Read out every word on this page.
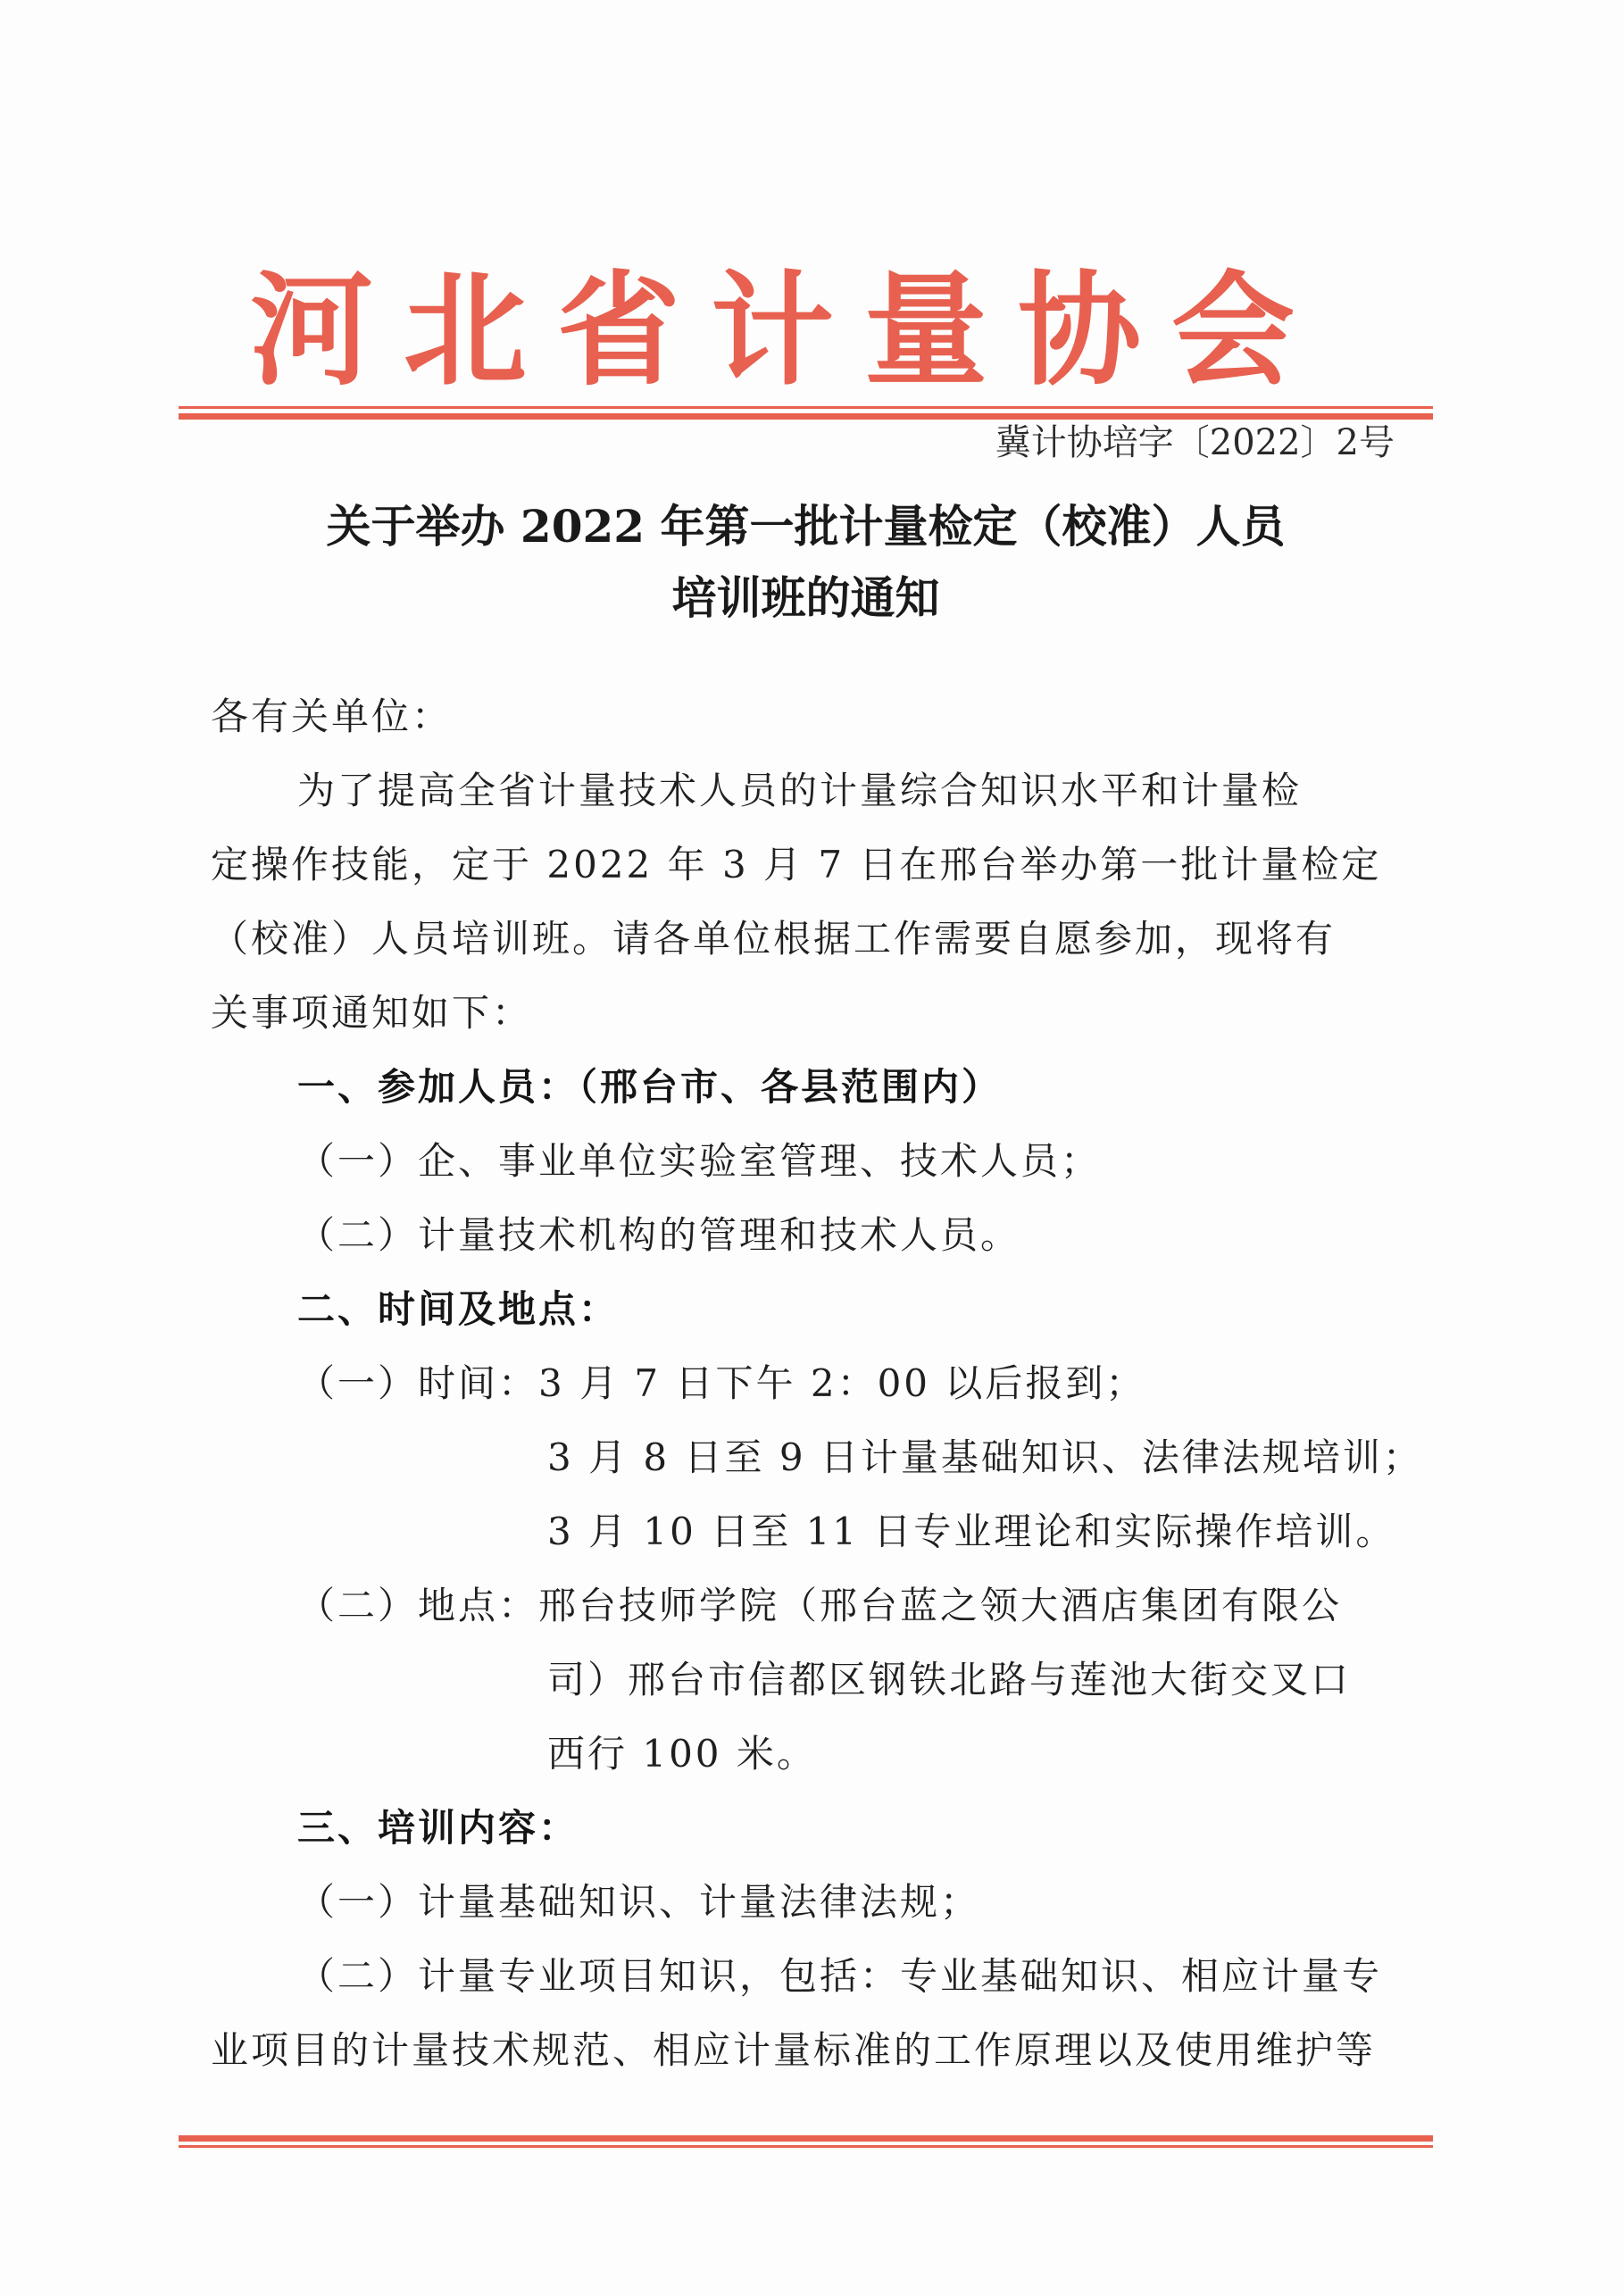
河北省计量协会
冀计协培字〔2022〕2号
关于举办 2022 年第一批计量检定（校准）人员
培训班的通知
各有关单位：
为了提高全省计量技术人员的计量综合知识水平和计量检
定操作技能，定于 2022 年 3 月 7 日在邢台举办第一批计量检定
（校准）人员培训班。请各单位根据工作需要自愿参加，现将有
关事项通知如下：
一、参加人员：（邢台市、各县范围内）
（一）企、事业单位实验室管理、技术人员；
（二）计量技术机构的管理和技术人员。
二、时间及地点：
（一）时间：3 月 7 日下午 2：00 以后报到；
3 月 8 日至 9 日计量基础知识、法律法规培训；
3 月 10 日至 11 日专业理论和实际操作培训。
（二）地点：邢台技师学院（邢台蓝之领大酒店集团有限公
司）邢台市信都区钢铁北路与莲池大街交叉口
西行 100 米。
三、培训内容：
（一）计量基础知识、计量法律法规；
（二）计量专业项目知识，包括：专业基础知识、相应计量专
业项目的计量技术规范、相应计量标准的工作原理以及使用维护等
